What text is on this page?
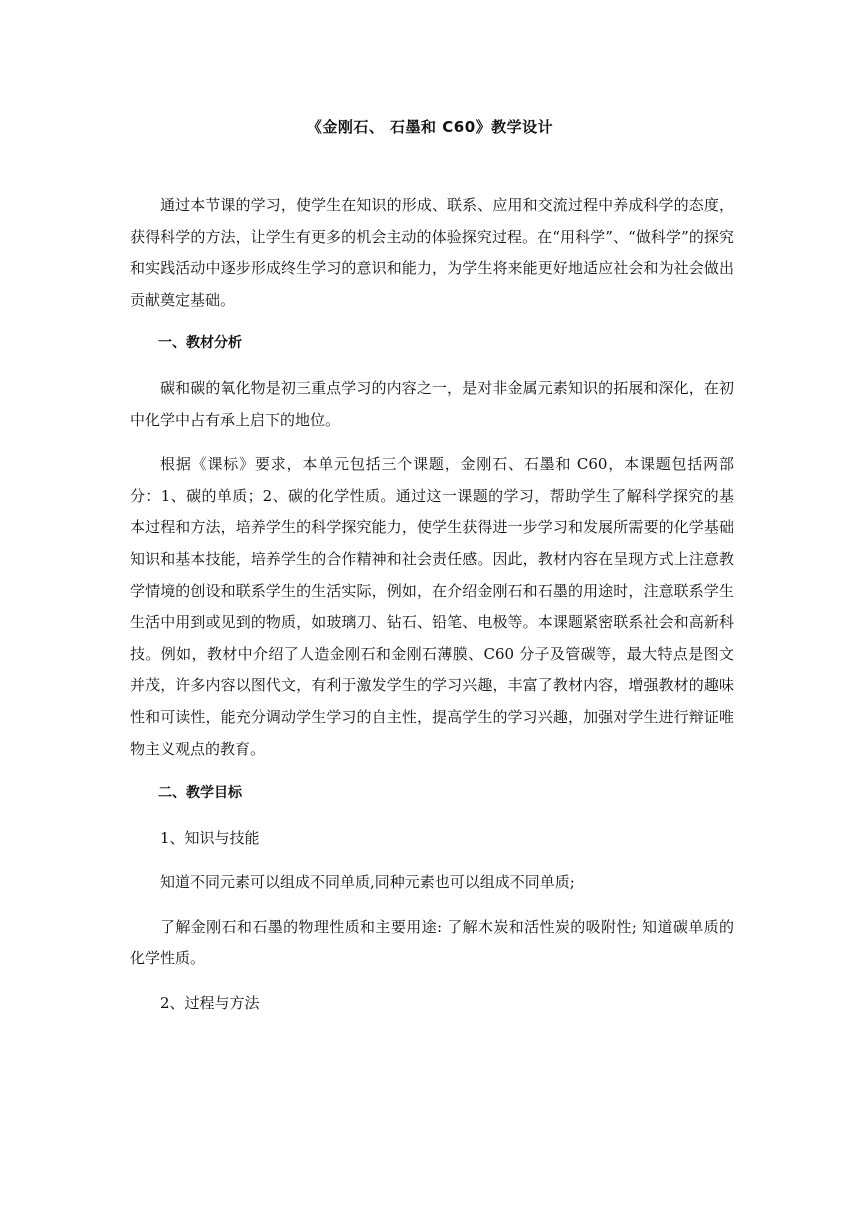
《金刚石、 石墨和 C60》教学设计

通过本节课的学习，使学生在知识的形成、联系、应用和交流过程中养成科学的态度，获得科学的方法，让学生有更多的机会主动的体验探究过程。在“用科学”、“做科学”的探究和实践活动中逐步形成终生学习的意识和能力，为学生将来能更好地适应社会和为社会做出贡献奠定基础。

一、教材分析

碳和碳的氧化物是初三重点学习的内容之一，是对非金属元素知识的拓展和深化，在初中化学中占有承上启下的地位。

根据《课标》要求，本单元包括三个课题，金刚石、石墨和 C60，本课题包括两部分：1、碳的单质；2、碳的化学性质。通过这一课题的学习，帮助学生了解科学探究的基本过程和方法，培养学生的科学探究能力，使学生获得进一步学习和发展所需要的化学基础知识和基本技能，培养学生的合作精神和社会责任感。因此，教材内容在呈现方式上注意教学情境的创设和联系学生的生活实际，例如，在介绍金刚石和石墨的用途时，注意联系学生生活中用到或见到的物质，如玻璃刀、钻石、铅笔、电极等。本课题紧密联系社会和高新科技。例如，教材中介绍了人造金刚石和金刚石薄膜、C60 分子及管碳等，最大特点是图文并茂，许多内容以图代文，有利于激发学生的学习兴趣，丰富了教材内容，增强教材的趣味性和可读性，能充分调动学生学习的自主性，提高学生的学习兴趣，加强对学生进行辩证唯物主义观点的教育。

二、教学目标

1、知识与技能

知道不同元素可以组成不同单质,同种元素也可以组成不同单质;

了解金刚石和石墨的物理性质和主要用途: 了解木炭和活性炭的吸附性; 知道碳单质的化学性质。

2、过程与方法
